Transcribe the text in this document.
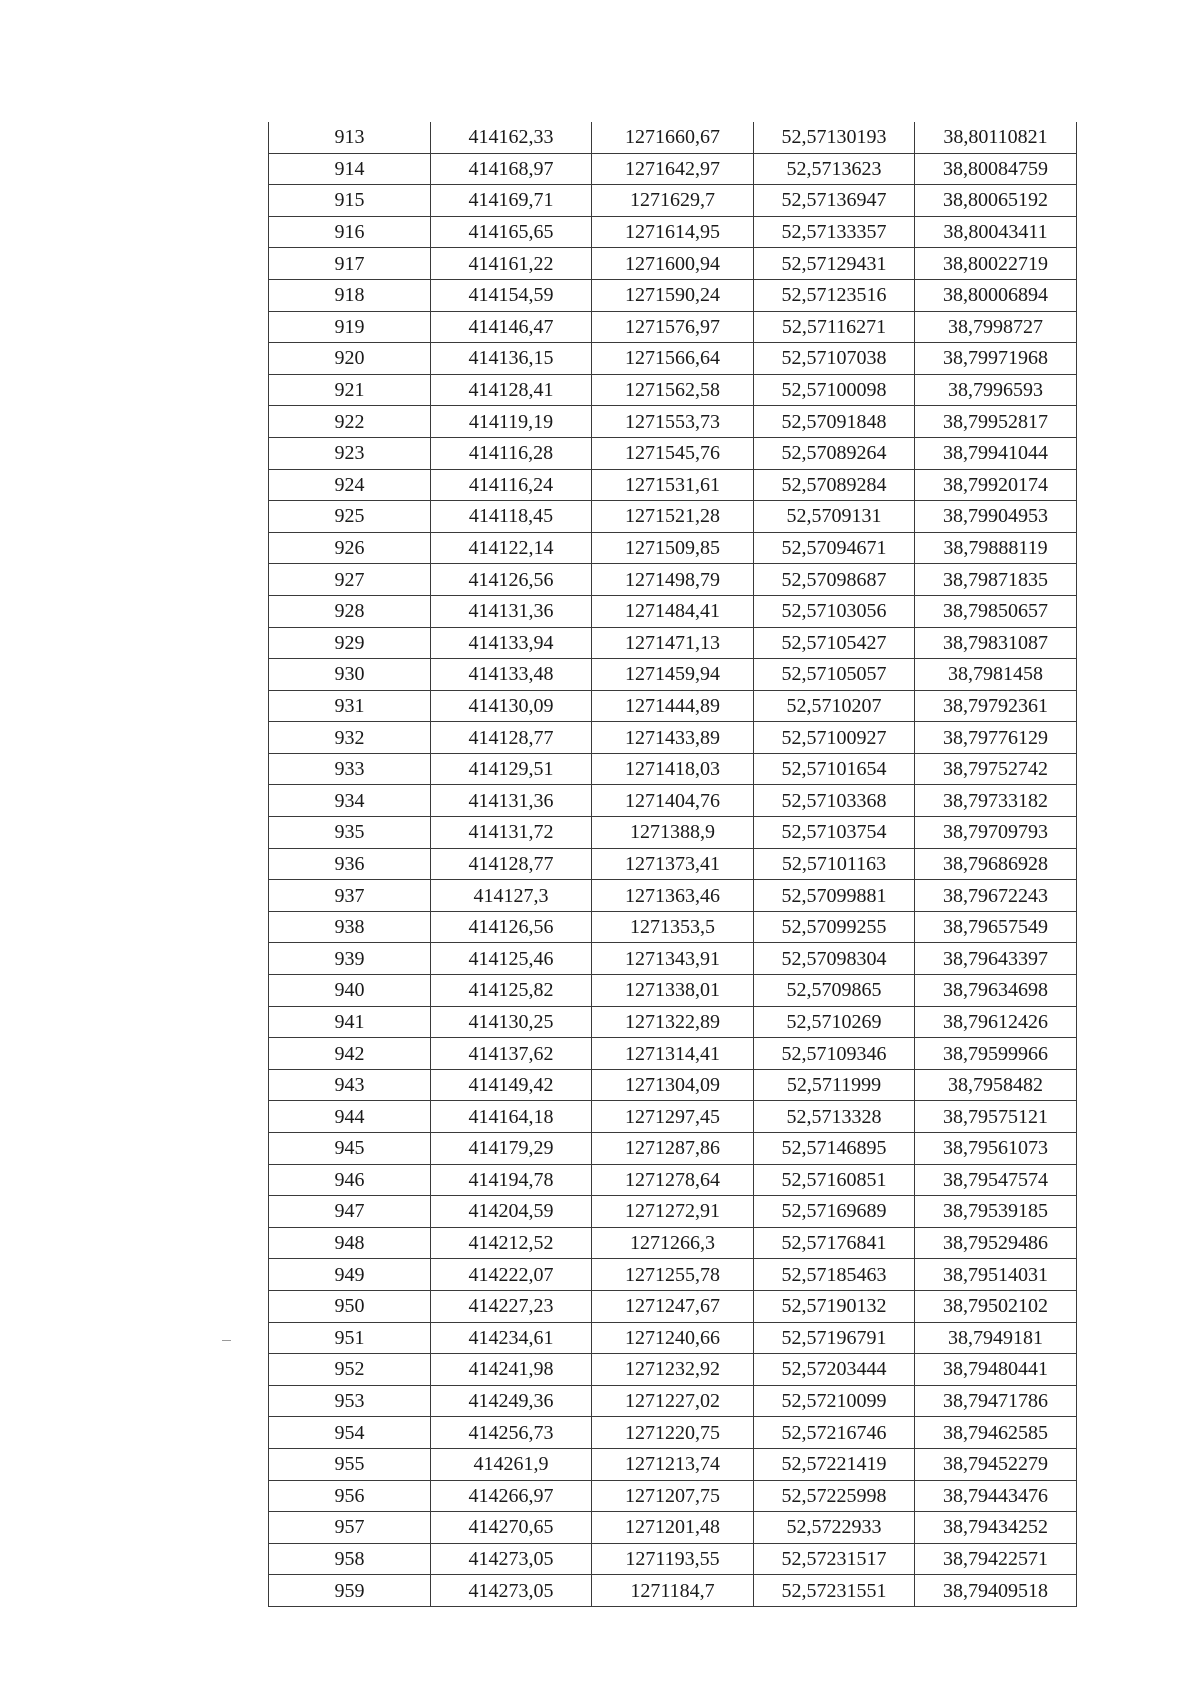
913	414162,33	1271660,67	52,57130193	38,80110821
914	414168,97	1271642,97	52,5713623	38,80084759
915	414169,71	1271629,7	52,57136947	38,80065192
916	414165,65	1271614,95	52,57133357	38,80043411
917	414161,22	1271600,94	52,57129431	38,80022719
918	414154,59	1271590,24	52,57123516	38,80006894
919	414146,47	1271576,97	52,57116271	38,7998727
920	414136,15	1271566,64	52,57107038	38,79971968
921	414128,41	1271562,58	52,57100098	38,7996593
922	414119,19	1271553,73	52,57091848	38,79952817
923	414116,28	1271545,76	52,57089264	38,79941044
924	414116,24	1271531,61	52,57089284	38,79920174
925	414118,45	1271521,28	52,5709131	38,79904953
926	414122,14	1271509,85	52,57094671	38,79888119
927	414126,56	1271498,79	52,57098687	38,79871835
928	414131,36	1271484,41	52,57103056	38,79850657
929	414133,94	1271471,13	52,57105427	38,79831087
930	414133,48	1271459,94	52,57105057	38,7981458
931	414130,09	1271444,89	52,5710207	38,79792361
932	414128,77	1271433,89	52,57100927	38,79776129
933	414129,51	1271418,03	52,57101654	38,79752742
934	414131,36	1271404,76	52,57103368	38,79733182
935	414131,72	1271388,9	52,57103754	38,79709793
936	414128,77	1271373,41	52,57101163	38,79686928
937	414127,3	1271363,46	52,57099881	38,79672243
938	414126,56	1271353,5	52,57099255	38,79657549
939	414125,46	1271343,91	52,57098304	38,79643397
940	414125,82	1271338,01	52,5709865	38,79634698
941	414130,25	1271322,89	52,5710269	38,79612426
942	414137,62	1271314,41	52,57109346	38,79599966
943	414149,42	1271304,09	52,5711999	38,7958482
944	414164,18	1271297,45	52,5713328	38,79575121
945	414179,29	1271287,86	52,57146895	38,79561073
946	414194,78	1271278,64	52,57160851	38,79547574
947	414204,59	1271272,91	52,57169689	38,79539185
948	414212,52	1271266,3	52,57176841	38,79529486
949	414222,07	1271255,78	52,57185463	38,79514031
950	414227,23	1271247,67	52,57190132	38,79502102
951	414234,61	1271240,66	52,57196791	38,7949181
952	414241,98	1271232,92	52,57203444	38,79480441
953	414249,36	1271227,02	52,57210099	38,79471786
954	414256,73	1271220,75	52,57216746	38,79462585
955	414261,9	1271213,74	52,57221419	38,79452279
956	414266,97	1271207,75	52,57225998	38,79443476
957	414270,65	1271201,48	52,5722933	38,79434252
958	414273,05	1271193,55	52,57231517	38,79422571
959	414273,05	1271184,7	52,57231551	38,79409518
